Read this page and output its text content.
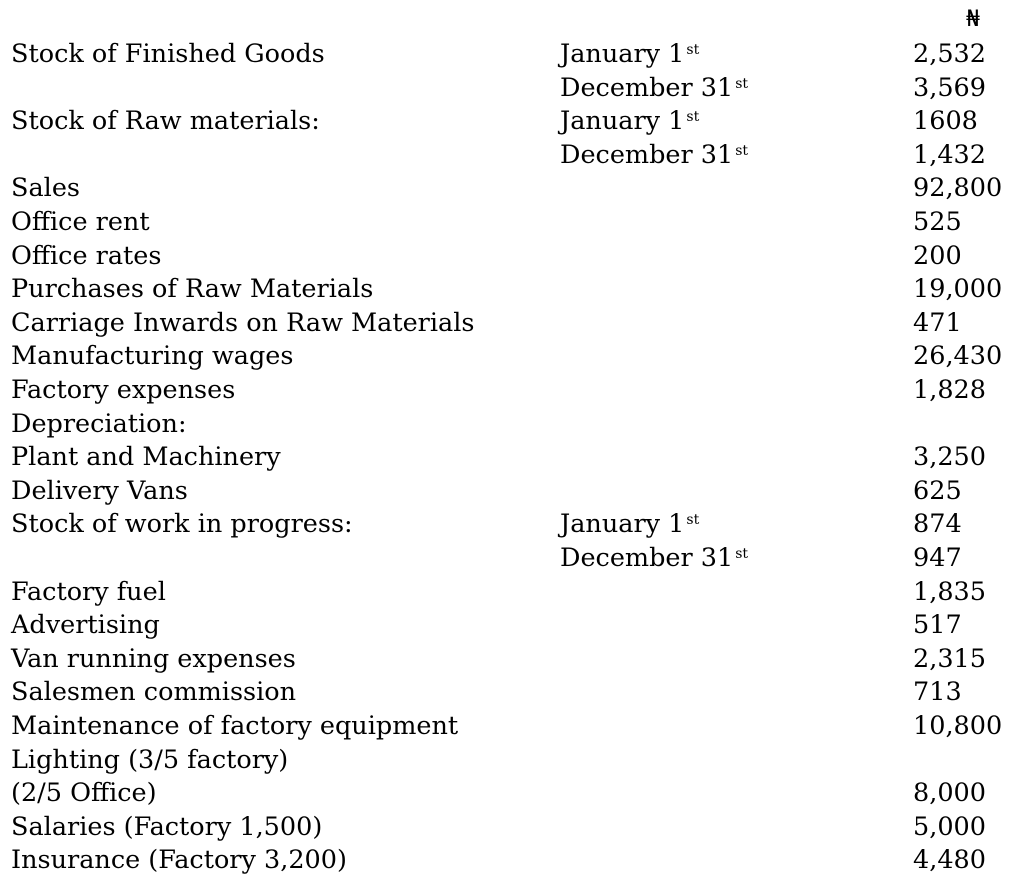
₦
Stock of Finished Goods	January 1 $^{st}$	2,532
December 31 $^{st}$	3,569
Stock of Raw materials:	January 1 $^{st}$	1608
December 31 $^{st}$	1,432
Sales	92,800
Office rent	525
Office rates	200
Purchases of Raw Materials	19,000
Carriage Inwards on Raw Materials	471
Manufacturing wages	26,430
Factory expenses	1,828
Depreciation:
Plant and Machinery	3,250
Delivery Vans	625
Stock of work in progress:	January 1 $^{st}$	874
December 31 $^{st}$	947
Factory fuel	1,835
Advertising	517
Van running expenses	2,315
Salesmen commission	713
Maintenance of factory equipment	10,800
Lighting (3/5 factory)
(2/5 Office)	8,000
Salaries (Factory 1,500)	5,000
Insurance (Factory 3,200)	4,480
